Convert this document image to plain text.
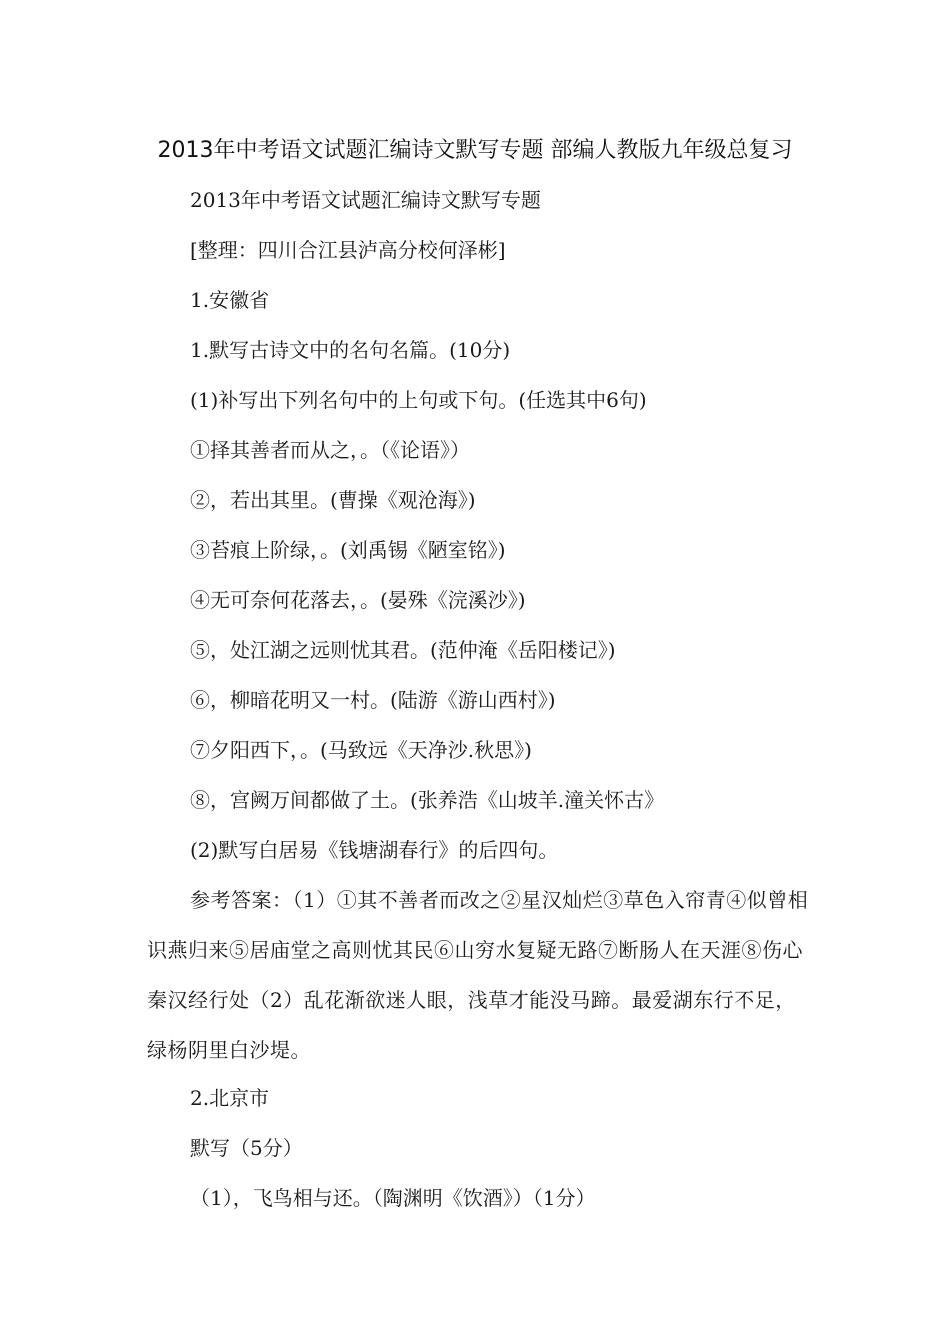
2013年中考语文试题汇编诗文默写专题 部编人教版九年级总复习
2013年中考语文试题汇编诗文默写专题
[整理：四川合江县泸高分校何泽彬]
1.安徽省
1.默写古诗文中的名句名篇。(10分)
(1)补写出下列名句中的上句或下句。(任选其中6句)
①择其善者而从之，。（《论语》）
②，若出其里。(曹操《观沧海》)
③苔痕上阶绿，。(刘禹锡《陋室铭》)
④无可奈何花落去，。(晏殊《浣溪沙》)
⑤，处江湖之远则忧其君。(范仲淹《岳阳楼记》)
⑥，柳暗花明又一村。(陆游《游山西村》)
⑦夕阳西下，。(马致远《天净沙.秋思》)
⑧，宫阙万间都做了土。(张养浩《山坡羊.潼关怀古》
(2)默写白居易《钱塘湖春行》的后四句。
参考答案：（1）①其不善者而改之②星汉灿烂③草色入帘青④似曾相识燕归来⑤居庙堂之高则忧其民⑥山穷水复疑无路⑦断肠人在天涯⑧伤心秦汉经行处（2）乱花渐欲迷人眼，浅草才能没马蹄。最爱湖东行不足，绿杨阴里白沙堤。
2.北京市
默写（5分）
（1），飞鸟相与还。（陶渊明《饮酒》）（1分）
